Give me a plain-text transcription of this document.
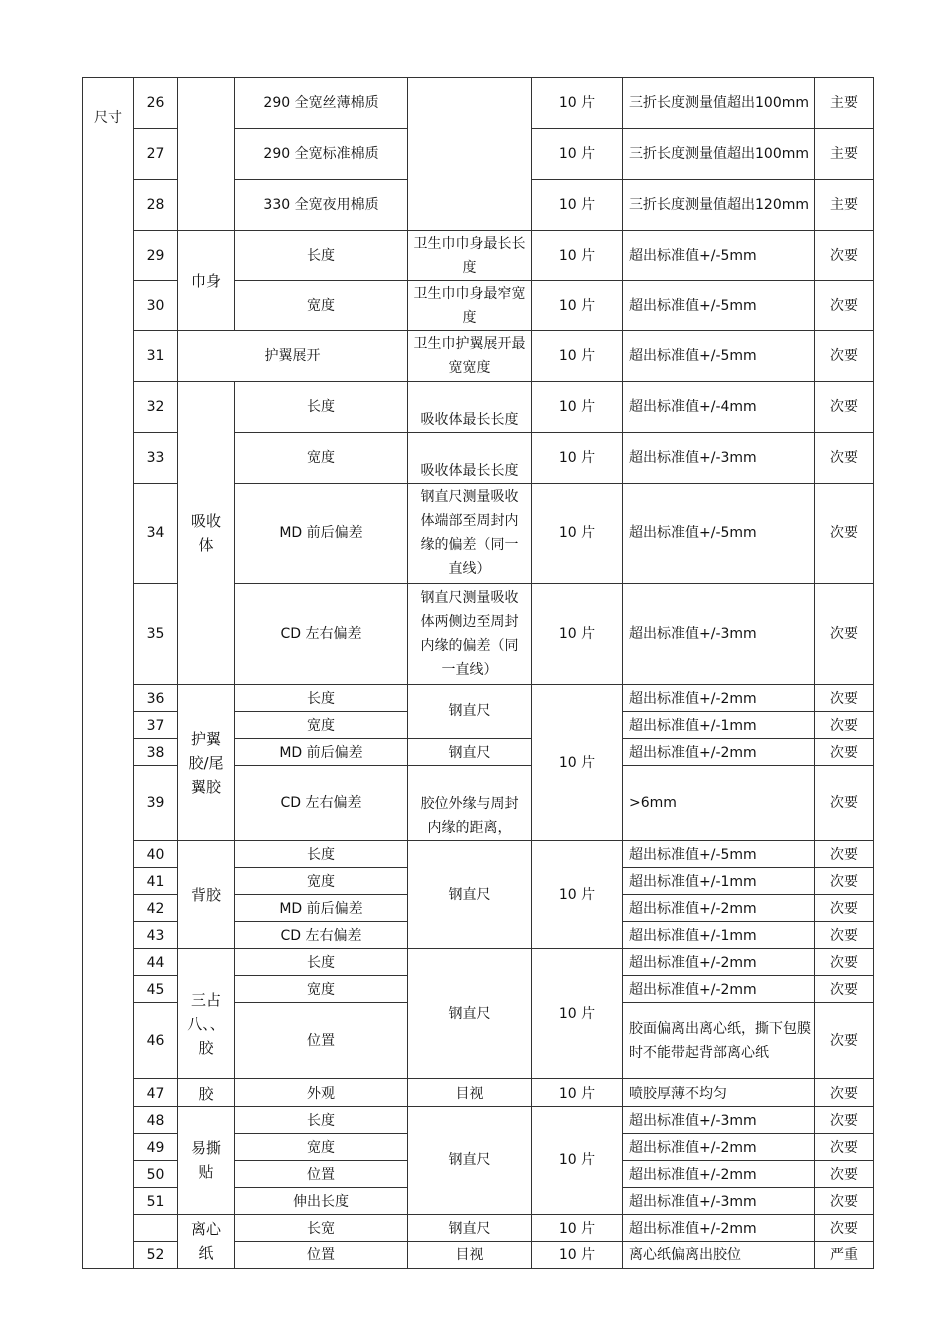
尺寸	26		290 全宽丝薄棉质		10 片	三折长度测量值超出100mm	主要
	27		290 全宽标准棉质		10 片	三折长度测量值超出100mm	主要
	28		330 全宽夜用棉质		10 片	三折长度测量值超出120mm	主要
	29	巾身	长度	卫生巾巾身最长长度	10 片	超出标准值+/-5mm	次要
	30		宽度	卫生巾巾身最窄宽度	10 片	超出标准值+/-5mm	次要
	31	护翼展开		卫生巾护翼展开最宽宽度	10 片	超出标准值+/-5mm	次要
	32	吸收体	长度	吸收体最长长度	10 片	超出标准值+/-4mm	次要
	33		宽度	吸收体最长长度	10 片	超出标准值+/-3mm	次要
	34		MD 前后偏差	钢直尺测量吸收体端部至周封内缘的偏差（同一直线）	10 片	超出标准值+/-5mm	次要
	35		CD 左右偏差	钢直尺测量吸收体两侧边至周封内缘的偏差（同一直线）	10 片	超出标准值+/-3mm	次要
	36	护翼胶/尾翼胶	长度	钢直尺	10 片	超出标准值+/-2mm	次要
	37		宽度			超出标准值+/-1mm	次要
	38		MD 前后偏差	钢直尺		超出标准值+/-2mm	次要
	39		CD 左右偏差	胶位外缘与周封内缘的距离，		>6mm	次要
	40	背胶	长度	钢直尺	10 片	超出标准值+/-5mm	次要
	41		宽度			超出标准值+/-1mm	次要
	42		MD 前后偏差			超出标准值+/-2mm	次要
	43		CD 左右偏差			超出标准值+/-1mm	次要
	44	三占八、、胶	长度	钢直尺	10 片	超出标准值+/-2mm	次要
	45		宽度			超出标准值+/-2mm	次要
	46		位置			胶面偏离出离心纸，撕下包膜时不能带起背部离心纸	次要
	47	胶	外观	目视	10 片	喷胶厚薄不均匀	次要
	48	易撕贴	长度	钢直尺	10 片	超出标准值+/-3mm	次要
	49		宽度			超出标准值+/-2mm	次要
	50		位置			超出标准值+/-2mm	次要
	51		伸出长度			超出标准值+/-3mm	次要
		离心纸	长宽	钢直尺	10 片	超出标准值+/-2mm	次要
	52		位置	目视	10 片	离心纸偏离出胶位	严重
